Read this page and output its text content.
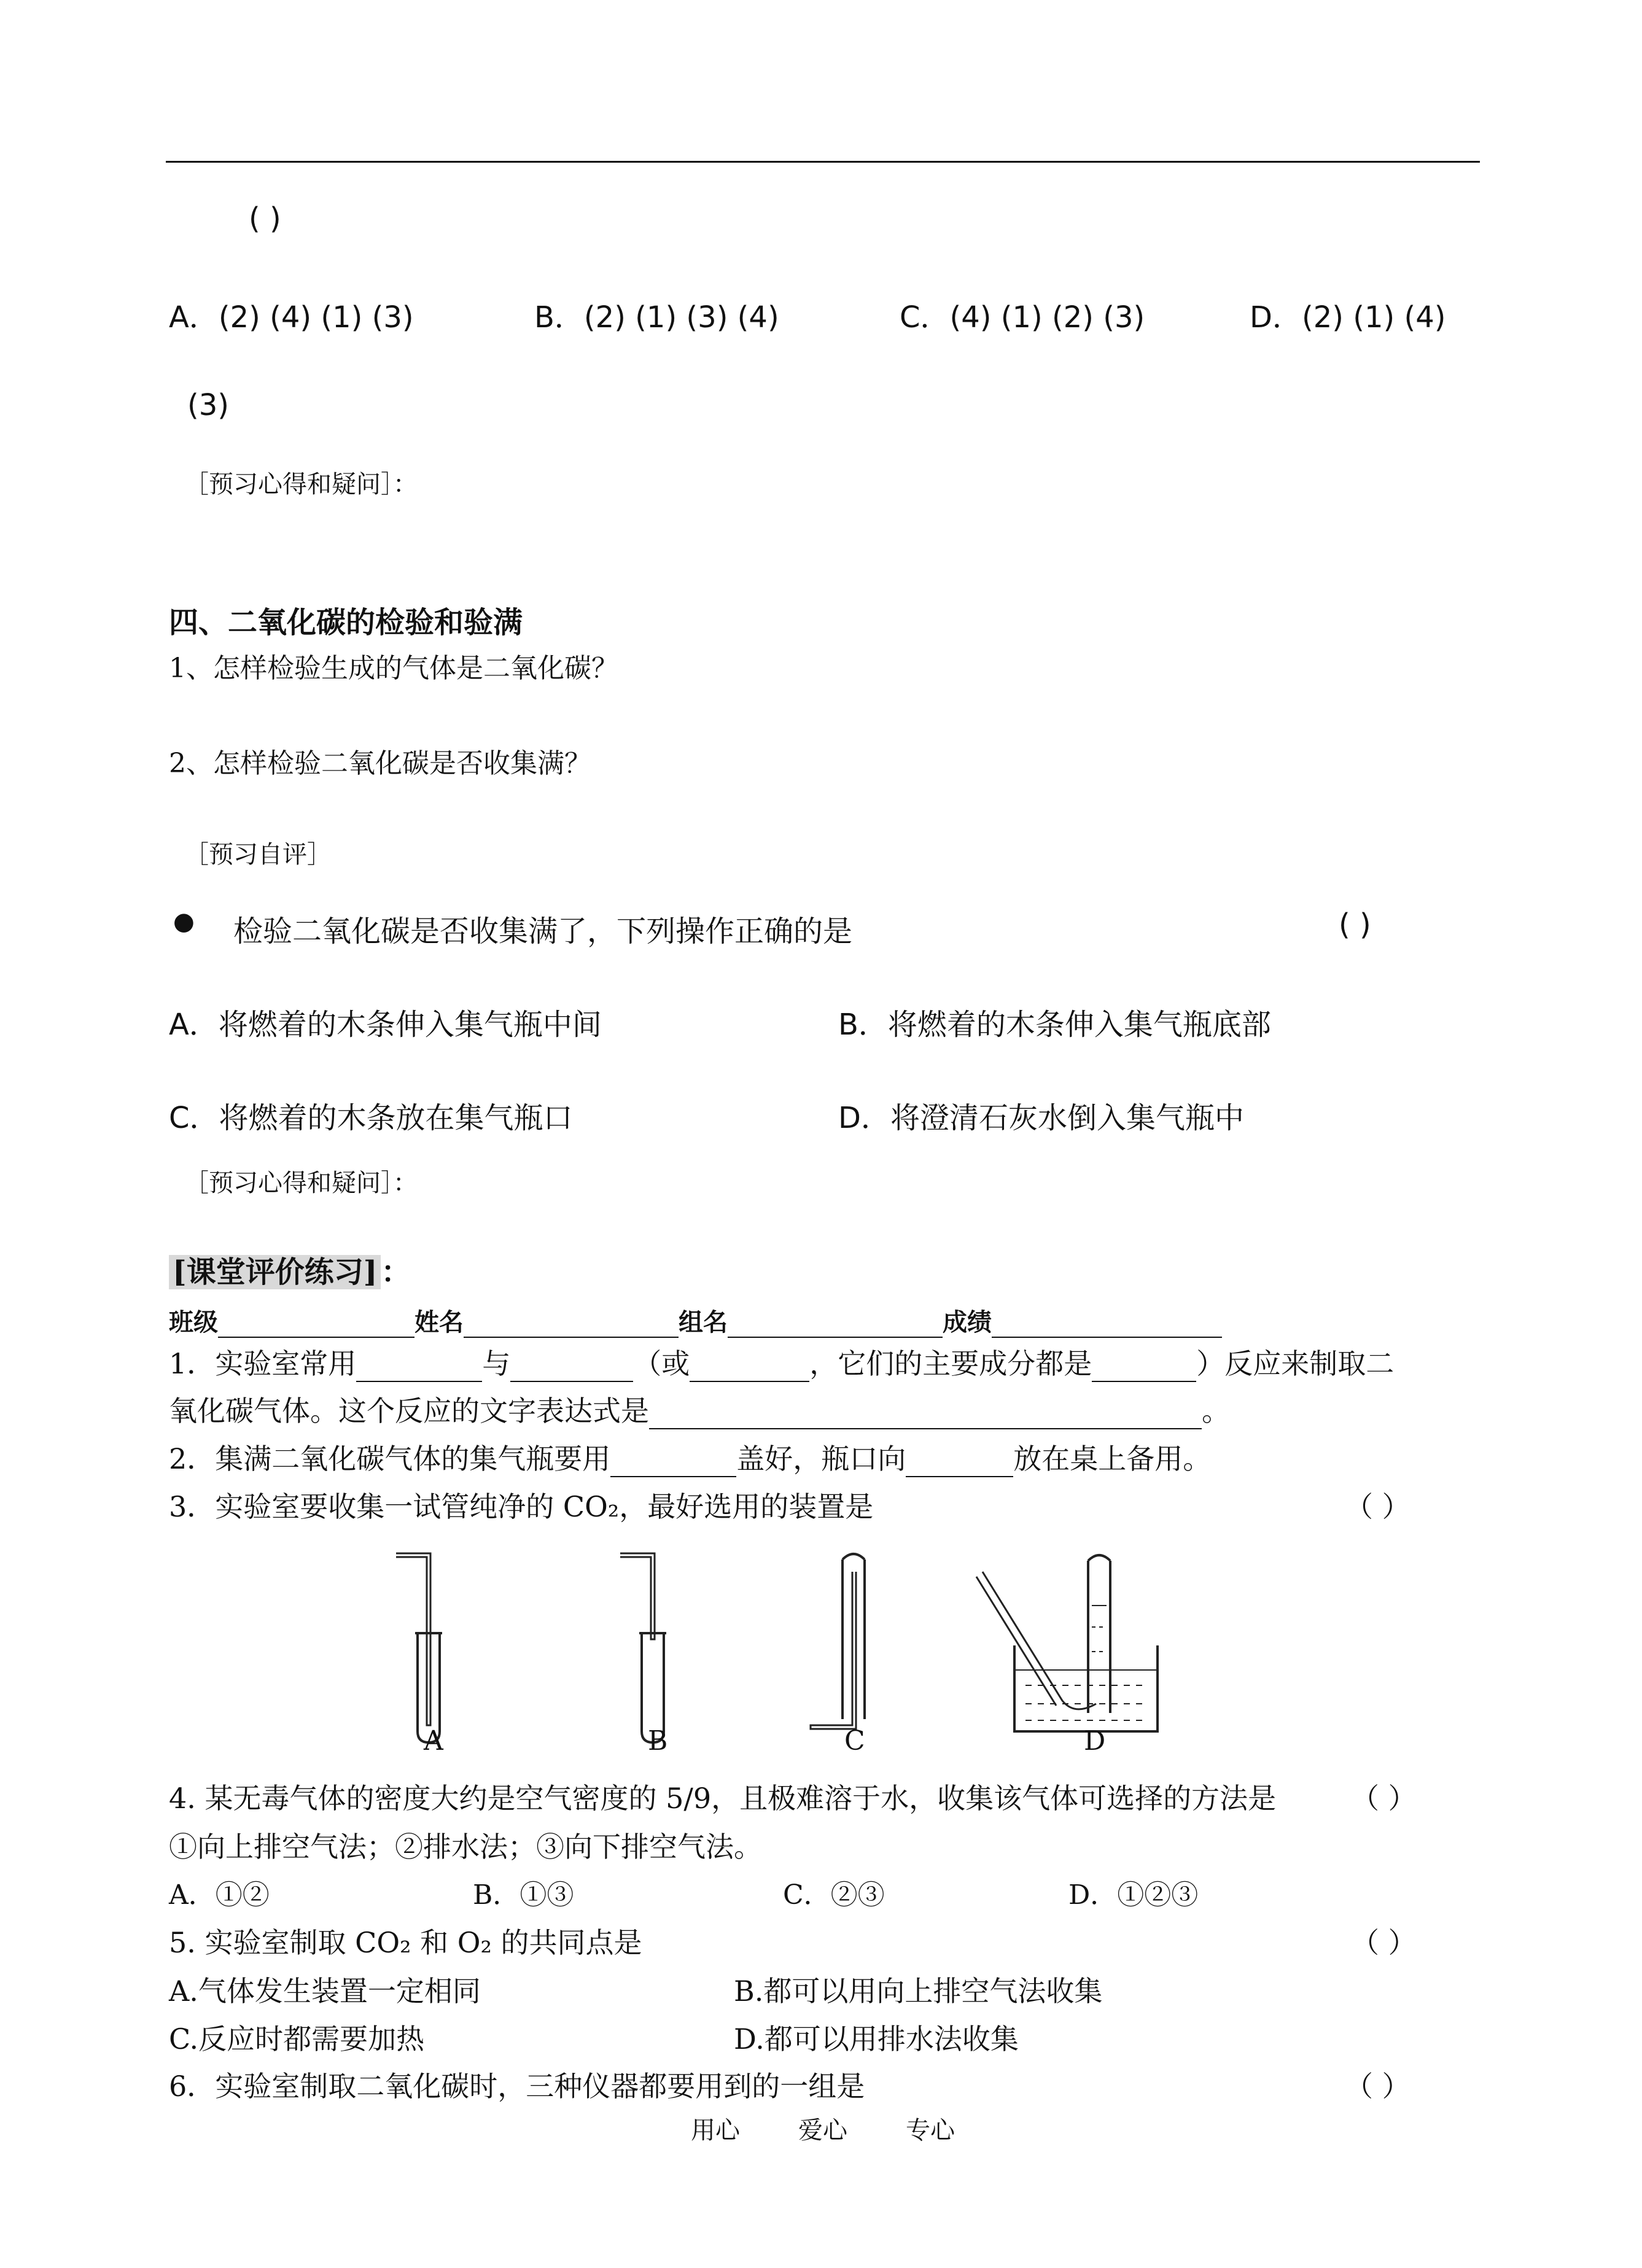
( )
A．(2) (4) (1) (3)	B．(2) (1) (3) (4)	C．(4) (1) (2) (3)	D．(2) (1) (4)
(3)
［预习心得和疑问］：
四、二氧化碳的检验和验满
1、怎样检验生成的气体是二氧化碳？
2、怎样检验二氧化碳是否收集满？
［预习自评］
● 检验二氧化碳是否收集满了，下列操作正确的是	( )
A．将燃着的木条伸入集气瓶中间	B．将燃着的木条伸入集气瓶底部
C．将燃着的木条放在集气瓶口	D．将澄清石灰水倒入集气瓶中
［预习心得和疑问］：
[课堂评价练习] ：
班级	姓名	组名	成绩
1．实验室常用	与	（或	，它们的主要成分都是	）反应来制取二
氧化碳气体。这个反应的文字表达式是	。
2．集满二氧化碳气体的集气瓶要用	盖好，瓶口向	放在桌上备用。
3．实验室要收集一试管纯净的 CO₂，最好选用的装置是	（ ）
A	B	C	D
4. 某无毒气体的密度大约是空气密度的 5/9，且极难溶于水，收集该气体可选择的方法是	（ ）
①向上排空气法；②排水法；③向下排空气法。
A．①②	B．①③	C．②③	D．①②③
5. 实验室制取 CO₂ 和 O₂ 的共同点是	（ ）
A.气体发生装置一定相同	B.都可以用向上排空气法收集
C.反应时都需要加热	D.都可以用排水法收集
6．实验室制取二氧化碳时，三种仪器都要用到的一组是	（ ）
用心 爱心 专心
